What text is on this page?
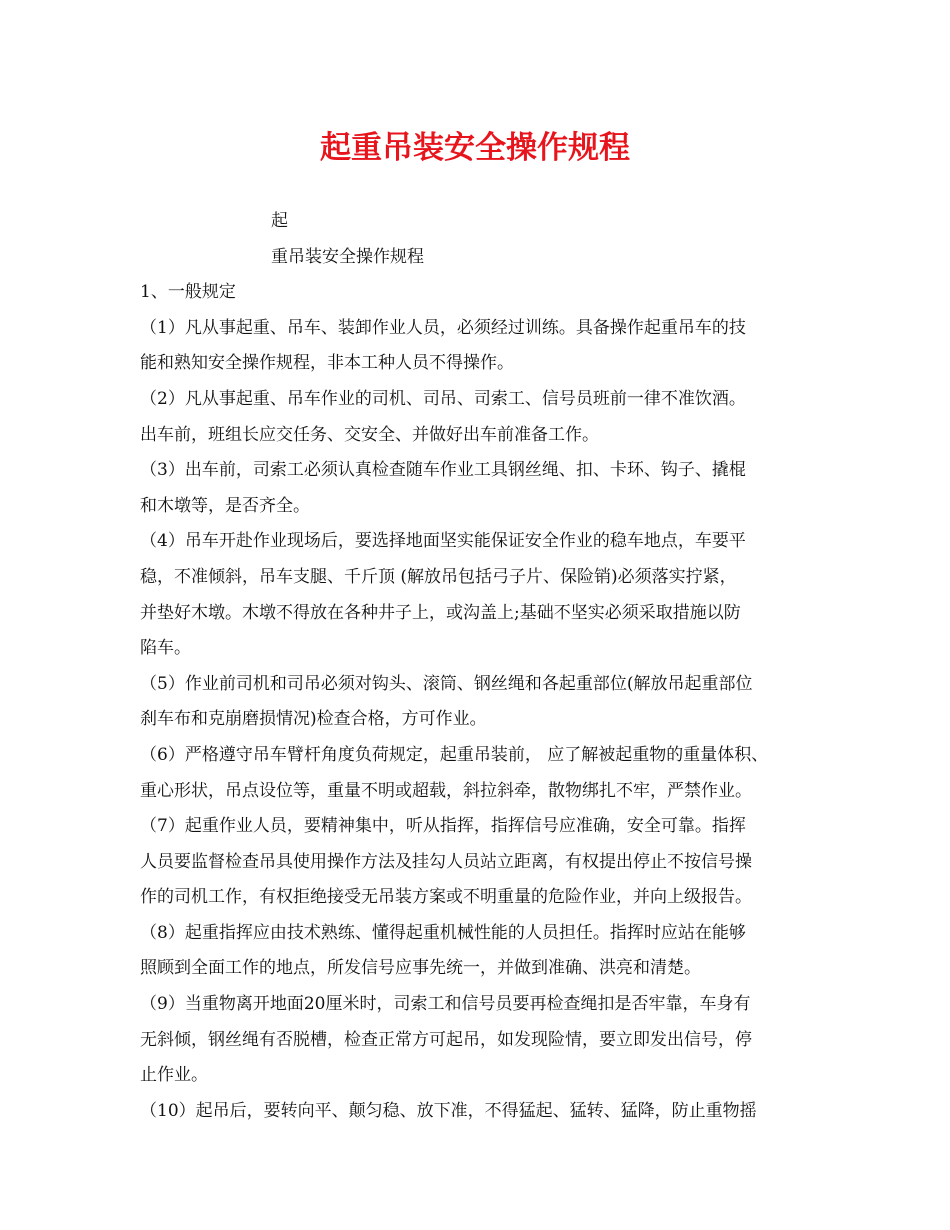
起重吊装安全操作规程
起
重吊装安全操作规程
1、一般规定
（1）凡从事起重、吊车、装卸作业人员，必须经过训练。具备操作起重吊车的技
能和熟知安全操作规程，非本工种人员不得操作。
（2）凡从事起重、吊车作业的司机、司吊、司索工、信号员班前一律不准饮酒。
出车前，班组长应交任务、交安全、并做好出车前准备工作。
（3）出车前，司索工必须认真检查随车作业工具钢丝绳、扣、卡环、钩子、撬棍
和木墩等，是否齐全。
（4）吊车开赴作业现场后，要选择地面坚实能保证安全作业的稳车地点，车要平
稳，不准倾斜，吊车支腿、千斤顶 (解放吊包括弓子片、保险销)必须落实拧紧，
并垫好木墩。木墩不得放在各种井子上，或沟盖上;基础不坚实必须采取措施以防
陷车。
（5）作业前司机和司吊必须对钩头、滚筒、钢丝绳和各起重部位(解放吊起重部位
刹车布和克崩磨损情况)检查合格，方可作业。
（6）严格遵守吊车臂杆角度负荷规定，起重吊装前， 应了解被起重物的重量体积、
重心形状，吊点设位等，重量不明或超载，斜拉斜牵，散物绑扎不牢，严禁作业。
（7）起重作业人员，要精神集中，听从指挥，指挥信号应准确，安全可靠。指挥
人员要监督检查吊具使用操作方法及挂勾人员站立距离，有权提出停止不按信号操
作的司机工作，有权拒绝接受无吊装方案或不明重量的危险作业，并向上级报告。
（8）起重指挥应由技术熟练、懂得起重机械性能的人员担任。指挥时应站在能够
照顾到全面工作的地点，所发信号应事先统一，并做到准确、洪亮和清楚。
（9）当重物离开地面20厘米时，司索工和信号员要再检查绳扣是否牢靠，车身有
无斜倾，钢丝绳有否脱槽，检查正常方可起吊，如发现险情，要立即发出信号，停
止作业。
（10）起吊后，要转向平、颠匀稳、放下准，不得猛起、猛转、猛降，防止重物摇
